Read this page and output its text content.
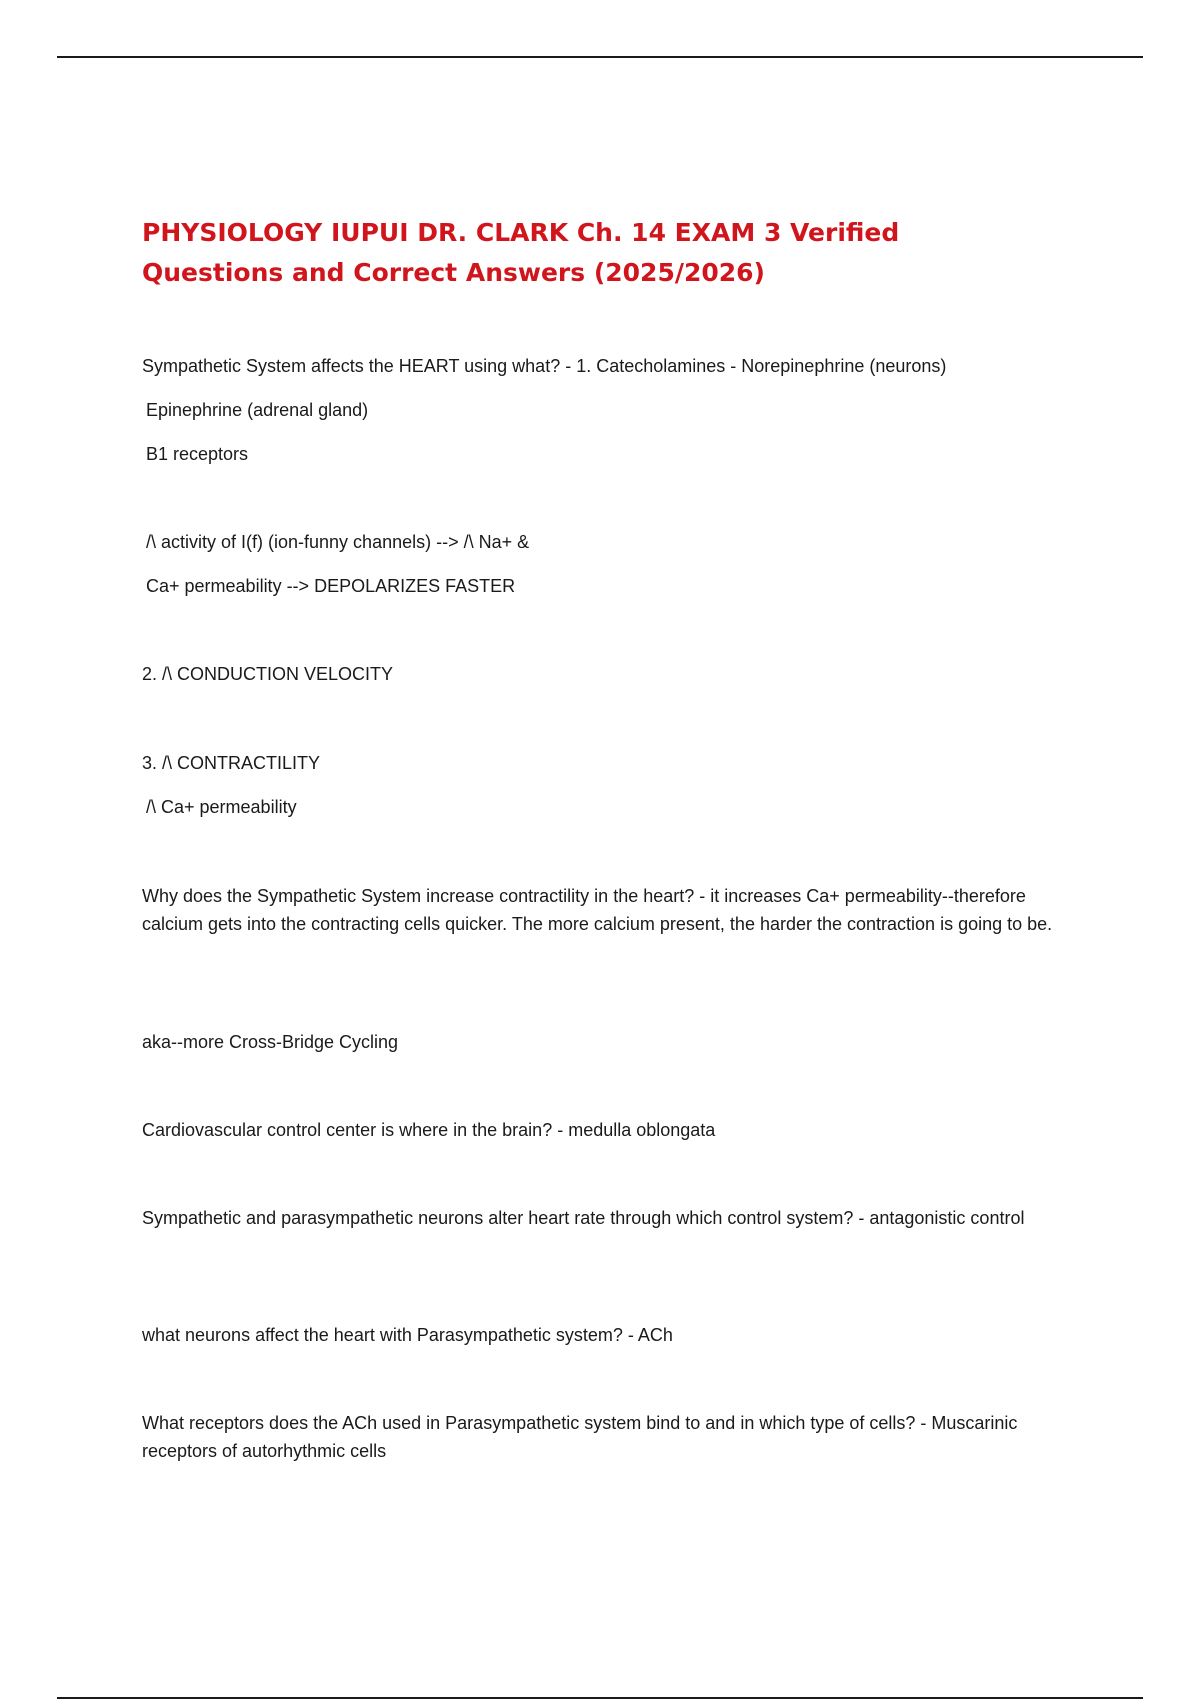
PHYSIOLOGY IUPUI DR. CLARK Ch. 14 EXAM 3 Verified
Questions and Correct Answers (2025/2026)

Sympathetic System affects the HEART using what? - 1. Catecholamines - Norepinephrine (neurons)

Epinephrine (adrenal gland)

B1 receptors

/\ activity of I(f) (ion-funny channels) --> /\ Na+ &

Ca+ permeability --> DEPOLARIZES FASTER

2. /\ CONDUCTION VELOCITY

3. /\ CONTRACTILITY

/\ Ca+ permeability

Why does the Sympathetic System increase contractility in the heart? - it increases Ca+ permeability--therefore calcium gets into the contracting cells quicker. The more calcium present, the harder the contraction is going to be.

aka--more Cross-Bridge Cycling

Cardiovascular control center is where in the brain? - medulla oblongata

Sympathetic and parasympathetic neurons alter heart rate through which control system? - antagonistic control

what neurons affect the heart with Parasympathetic system? - ACh

What receptors does the ACh used in Parasympathetic system bind to and in which type of cells? - Muscarinic receptors of autorhythmic cells
